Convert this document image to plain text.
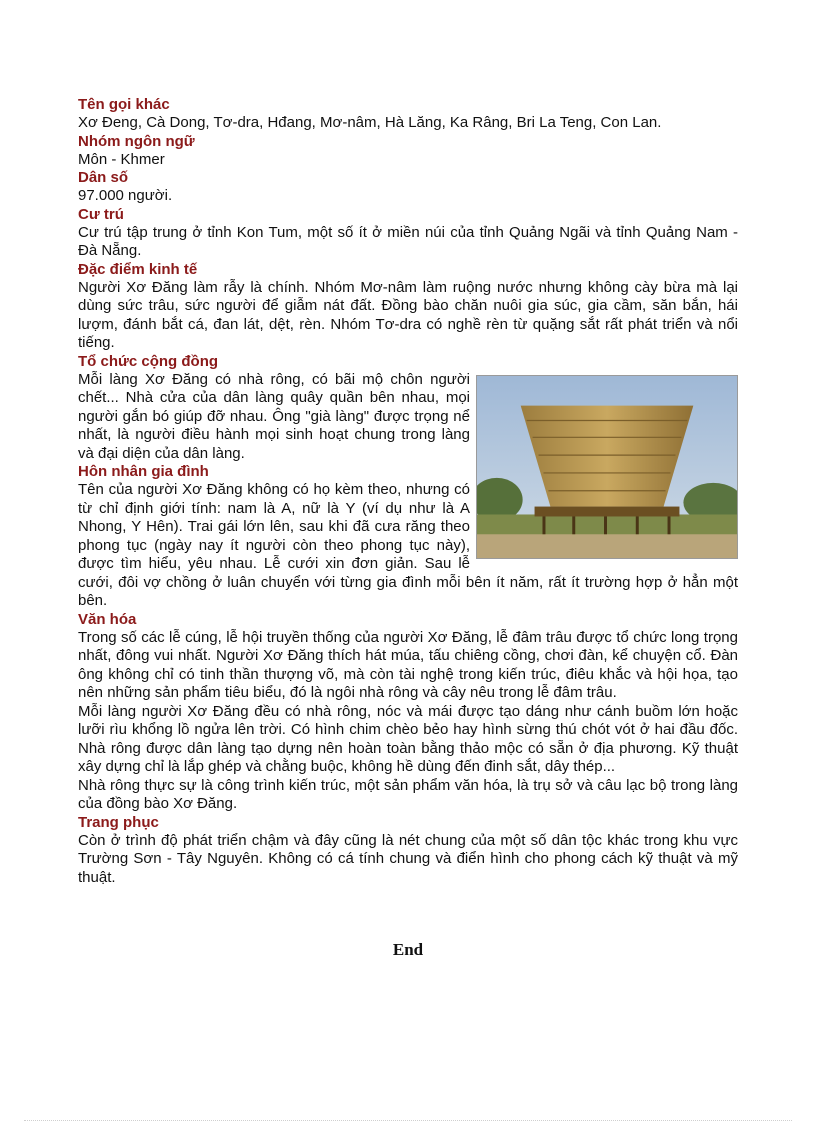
Tên gọi khác

Xơ Đeng, Cà Dong, Tơ-dra, Hđang, Mơ-nâm, Hà Lăng, Ka Râng, Bri La Teng, Con Lan.

Nhóm ngôn ngữ

Môn - Khmer

Dân số

97.000 người.

Cư trú

Cư trú tập trung ở tỉnh Kon Tum, một số ít ở miền núi của tỉnh Quảng Ngãi và tỉnh Quảng Nam - Đà Nẵng.

Đặc điểm kinh tế

Người Xơ Đăng làm rẫy là chính. Nhóm Mơ-nâm làm ruộng nước nhưng không cày bừa mà lại dùng sức trâu, sức người để giẫm nát đất. Đồng bào chăn nuôi gia súc, gia cầm, săn bắn, hái lượm, đánh bắt cá, đan lát, dệt, rèn. Nhóm Tơ-dra có nghề rèn từ quặng sắt rất phát triển và nổi tiếng.

Tổ chức cộng đồng

Mỗi làng Xơ Đăng có nhà rông, có bãi mộ chôn người chết... Nhà cửa của dân làng quây quần bên nhau, mọi người gắn bó giúp đỡ nhau. Ông "già làng" được trọng nể nhất, là người điều hành mọi sinh hoạt chung trong làng và đại diện của dân làng.

Hôn nhân gia đình

Tên của người Xơ Đăng không có họ kèm theo, nhưng có từ chỉ định giới tính: nam là A, nữ là Y (ví dụ như là A Nhong, Y Hên). Trai gái lớn lên, sau khi đã cưa răng theo phong tục (ngày nay ít người còn theo phong tục này), được tìm hiểu, yêu nhau. Lễ cưới xin đơn giản. Sau lễ cưới, đôi vợ chồng ở luân chuyển với từng gia đình mỗi bên ít năm, rất ít trường hợp ở hẳn một bên.

Văn hóa

Trong số các lễ cúng, lễ hội truyền thống của người Xơ Đăng, lễ đâm trâu được tổ chức long trọng nhất, đông vui nhất. Người Xơ Đăng thích hát múa, tấu chiêng cồng, chơi đàn, kể chuyện cổ. Đàn ông không chỉ có tinh thần thượng võ, mà còn tài nghệ trong kiến trúc, điêu khắc và hội họa, tạo nên những sản phẩm tiêu biểu, đó là ngôi nhà rông và cây nêu trong lễ đâm trâu.

Mỗi làng người Xơ Đăng đều có nhà rông, nóc và mái được tạo dáng như cánh buồm lớn hoặc lưỡi rìu khổng lồ ngửa lên trời. Có hình chim chèo bẻo hay hình sừng thú chót vót ở hai đầu đốc. Nhà rông được dân làng tạo dựng nên hoàn toàn bằng thảo mộc có sẵn ở địa phương. Kỹ thuật xây dựng chỉ là lắp ghép và chằng buộc, không hề dùng đến đinh sắt, dây thép...

Nhà rông thực sự là công trình kiến trúc, một sản phẩm văn hóa, là trụ sở và câu lạc bộ trong làng của đồng bào Xơ Đăng.

Trang phục

Còn ở trình độ phát triển chậm và đây cũng là nét chung của một số dân tộc khác trong khu vực Trường Sơn - Tây Nguyên. Không có cá tính chung và điển hình cho phong cách kỹ thuật và mỹ thuật.

End
